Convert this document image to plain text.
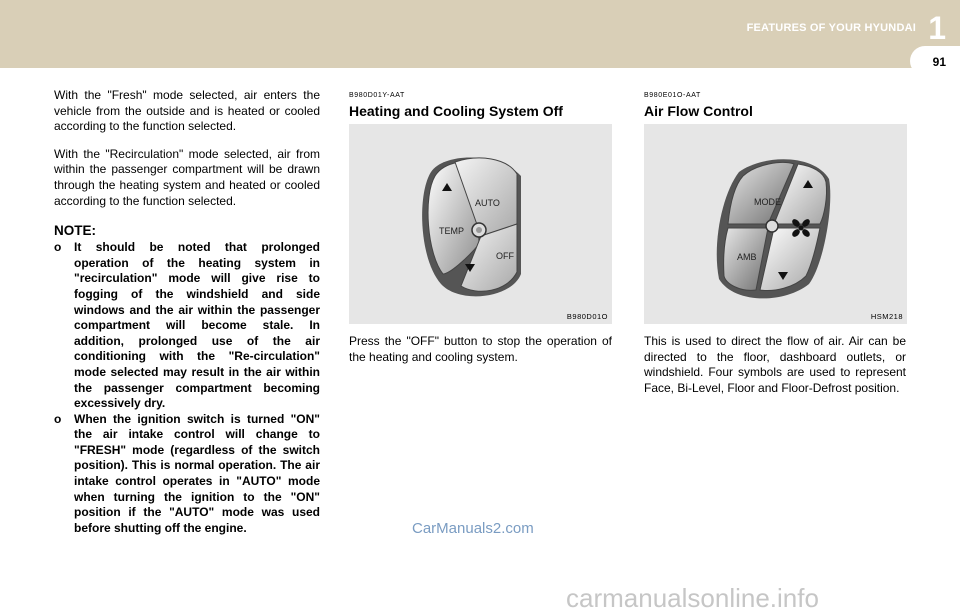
FEATURES OF YOUR HYUNDAI 1
91

With the "Fresh" mode selected, air enters the vehicle from the outside and is heated or cooled according to the function selected.

With the "Recirculation" mode selected, air from within the passenger compartment will be drawn through the heating system and heated or cooled according to the function selected.

NOTE:
o It should be noted that prolonged operation of the heating system in "recirculation" mode will give rise to fogging of the windshield and side windows and the air within the passenger compartment will become stale. In addition, prolonged use of the air conditioning with the "Re-circulation" mode selected may result in the air within the passenger compartment becoming excessively dry.
o When the ignition switch is turned "ON" the air intake control will change to "FRESH" mode (regardless of the switch position). This is normal operation. The air intake control operates in "AUTO" mode when turning the ignition to the "ON" position if the "AUTO" mode was used before shutting off the engine.
B980D01Y-AAT
Heating and Cooling System Off
AUTO
TEMP
OFF
B980D01O

Press the "OFF" button to stop the operation of the heating and cooling system.

B980E01O-AAT
Air Flow Control
MODE
AMB
HSM218

This is used to direct the flow of air. Air can be directed to the floor, dashboard outlets, or windshield. Four symbols are used to represent Face, Bi-Level, Floor and Floor-Defrost position.

CarManuals2.com
carmanualsonline.info
